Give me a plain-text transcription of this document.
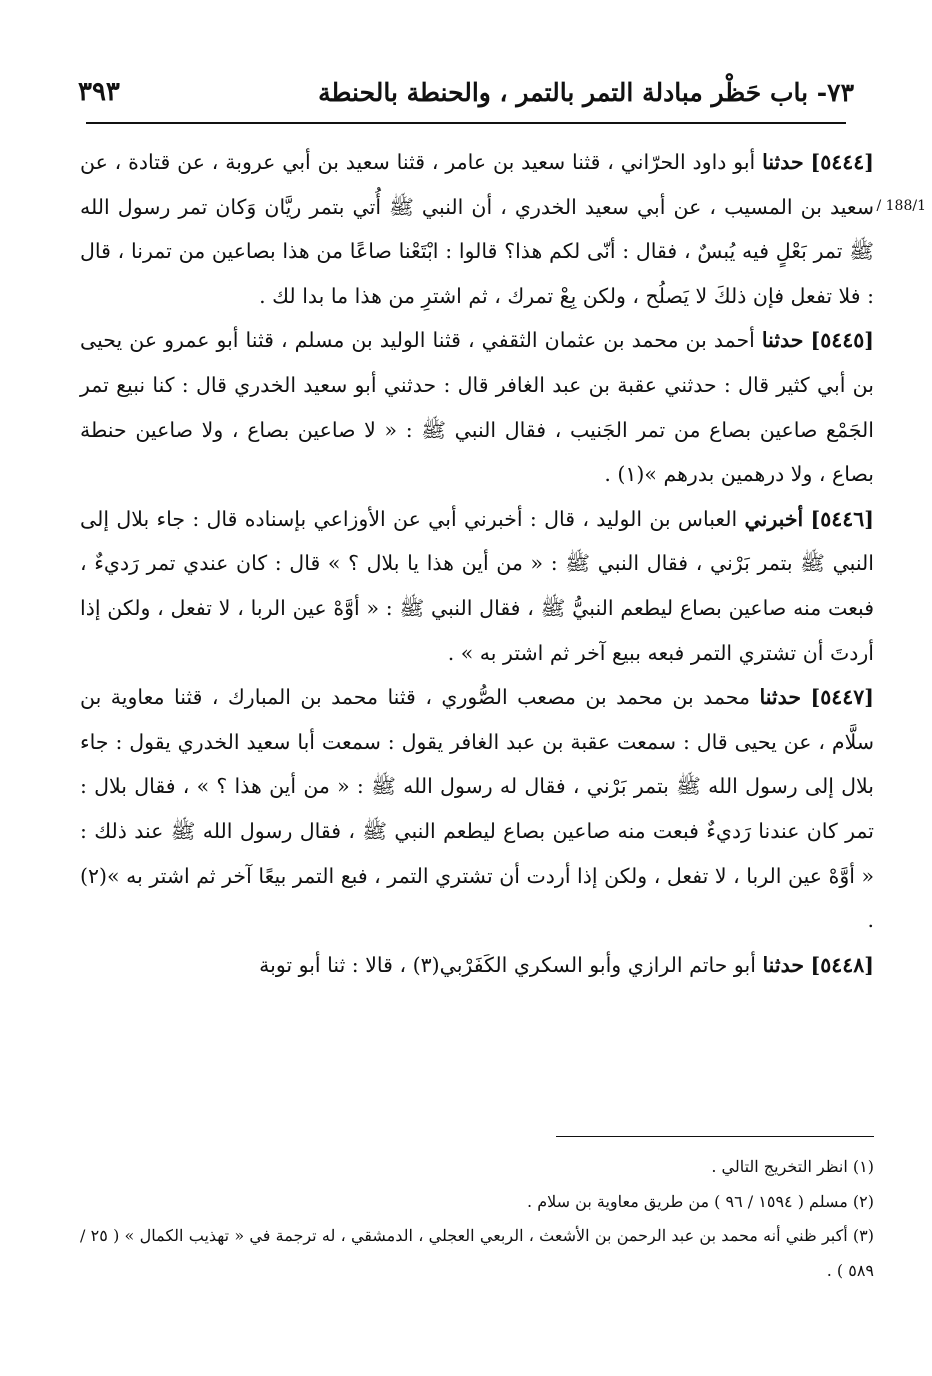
٧٣- باب حَظْر مبادلة التمر بالتمر ، والحنطة بالحنطة
٣٩٣
/ 188/1

[٥٤٤٤] حدثنا أبو داود الحرّاني ، قثنا سعيد بن عامر ، قثنا سعيد بن أبي عروبة ، عن قتادة ، عن سعيد بن المسيب ، عن أبي سعيد الخدري ، أن النبي ﷺ أُتي بتمر ريَّان وَكان تمر رسول الله ﷺ تمر بَعْلٍ فيه يُبسٌ ، فقال : أنّى لكم هذا؟ قالوا : ابْتَعْنا صاعًا من هذا بصاعين من تمرنا ، قال : فلا تفعل فإن ذلكَ لا يَصلُح ، ولكن بِعْ تمرك ، ثم اشترِ من هذا ما بدا لك .

[٥٤٤٥] حدثنا أحمد بن محمد بن عثمان الثقفي ، قثنا الوليد بن مسلم ، قثنا أبو عمرو عن يحيى بن أبي كثير قال : حدثني عقبة بن عبد الغافر قال : حدثني أبو سعيد الخدري قال : كنا نبيع تمر الجَمْع صاعين بصاع من تمر الجَنيب ، فقال النبي ﷺ : « لا صاعين بصاع ، ولا صاعين حنطة بصاع ، ولا درهمين بدرهم »(١) .

[٥٤٤٦] أخبرني العباس بن الوليد ، قال : أخبرني أبي عن الأوزاعي بإسناده قال : جاء بلال إلى النبي ﷺ بتمر بَرْني ، فقال النبي ﷺ : « من أين هذا يا بلال ؟ » قال : كان عندي تمر رَديءٌ ، فبعت منه صاعين بصاع ليطعم النبيُّ ﷺ ، فقال النبي ﷺ : « أوَّهْ عين الربا ، لا تفعل ، ولكن إذا أردتَ أن تشتري التمر فبعه ببيع آخر ثم اشتر به » .

[٥٤٤٧] حدثنا محمد بن محمد بن مصعب الصُّوري ، قثنا محمد بن المبارك ، قثنا معاوية بن سلَّام ، عن يحيى قال : سمعت عقبة بن عبد الغافر يقول : سمعت أبا سعيد الخدري يقول : جاء بلال إلى رسول الله ﷺ بتمر بَرْني ، فقال له رسول الله ﷺ : « من أين هذا ؟ » ، فقال بلال : تمر كان عندنا رَديءٌ فبعت منه صاعين بصاع ليطعم النبي ﷺ ، فقال رسول الله ﷺ عند ذلك : « أوَّهْ عين الربا ، لا تفعل ، ولكن إذا أردت أن تشتري التمر ، فبع التمر بيعًا آخر ثم اشتر به »(٢) .

[٥٤٤٨] حدثنا أبو حاتم الرازي وأبو السكري الكَفَرْبي(٣) ، قالا : ثنا أبو توبة

(١) انظر التخريج التالي .

(٢) مسلم ( ١٥٩٤ / ٩٦ ) من طريق معاوية بن سلام .

(٣) أكبر ظني أنه محمد بن عبد الرحمن بن الأشعث ، الربعي العجلي ، الدمشقي ، له ترجمة في « تهذيب الكمال » ( ٢٥ / ٥٨٩ ) .
